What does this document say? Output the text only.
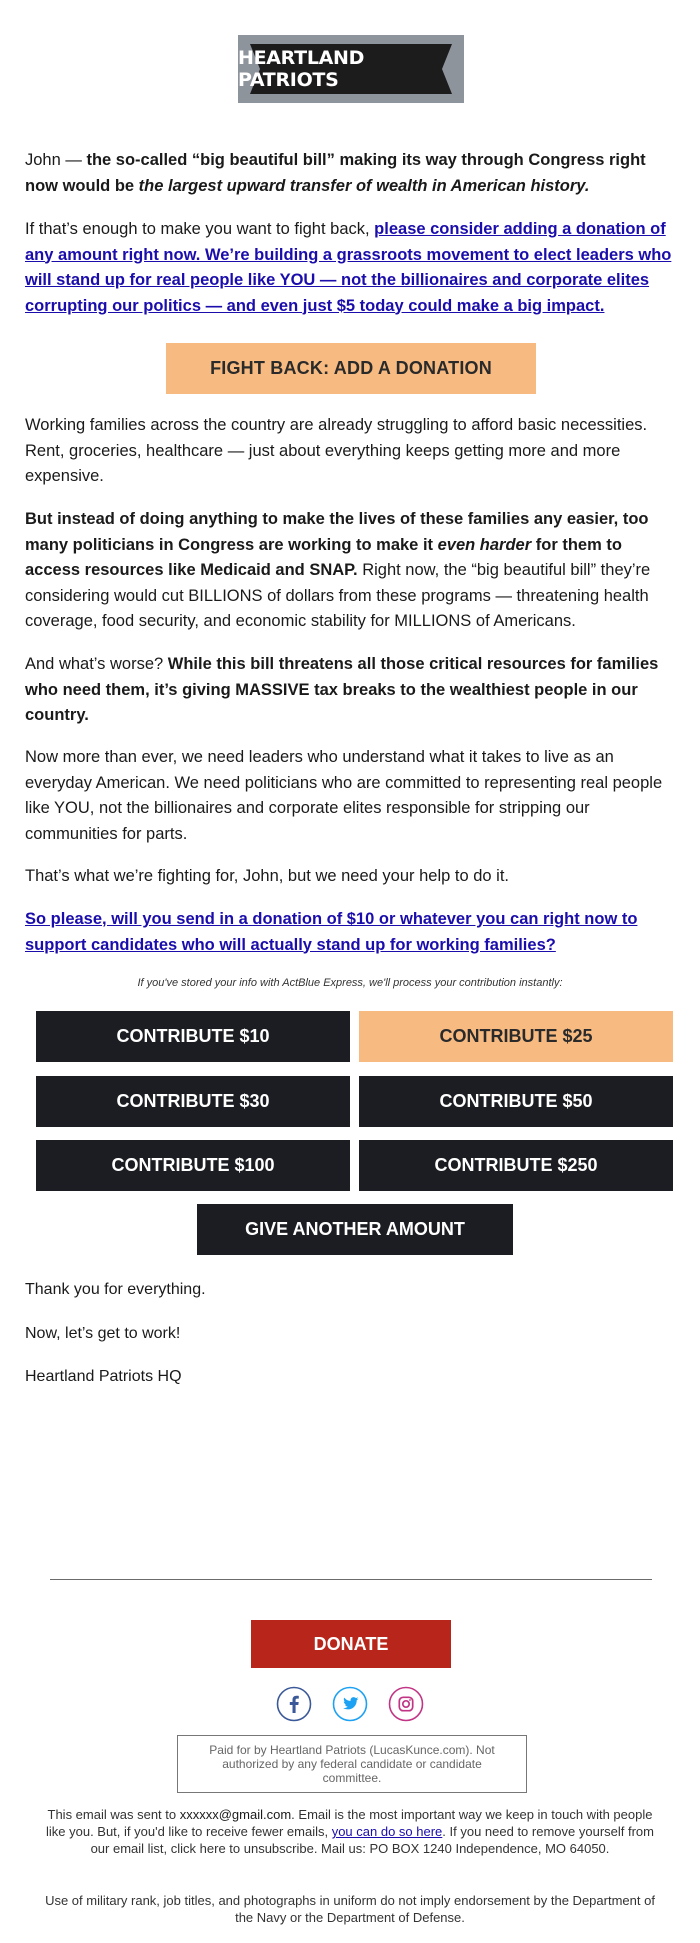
HEARTLAND PATRIOTS

John — the so-called “big beautiful bill” making its way through Congress right now would be the largest upward transfer of wealth in American history.

If that’s enough to make you want to fight back, please consider adding a donation of any amount right now. We’re building a grassroots movement to elect leaders who will stand up for real people like YOU — not the billionaires and corporate elites corrupting our politics — and even just $5 today could make a big impact.

FIGHT BACK: ADD A DONATION

Working families across the country are already struggling to afford basic necessities. Rent, groceries, healthcare — just about everything keeps getting more and more expensive.

But instead of doing anything to make the lives of these families any easier, too many politicians in Congress are working to make it even harder for them to access resources like Medicaid and SNAP. Right now, the “big beautiful bill” they’re considering would cut BILLIONS of dollars from these programs — threatening health coverage, food security, and economic stability for MILLIONS of Americans.

And what’s worse? While this bill threatens all those critical resources for families who need them, it’s giving MASSIVE tax breaks to the wealthiest people in our country.

Now more than ever, we need leaders who understand what it takes to live as an everyday American. We need politicians who are committed to representing real people like YOU, not the billionaires and corporate elites responsible for stripping our communities for parts.

That’s what we’re fighting for, John, but we need your help to do it.

So please, will you send in a donation of $10 or whatever you can right now to support candidates who will actually stand up for working families?

If you've stored your info with ActBlue Express, we'll process your contribution instantly:
CONTRIBUTE $10	CONTRIBUTE $25
CONTRIBUTE $30	CONTRIBUTE $50
CONTRIBUTE $100	CONTRIBUTE $250
GIVE ANOTHER AMOUNT
Thank you for everything.
Now, let’s get to work!
Heartland Patriots HQ
DONATE
Paid for by Heartland Patriots (LucasKunce.com). Not authorized by any federal candidate or candidate committee.
This email was sent to xxxxxx@gmail.com. Email is the most important way we keep in touch with people like you. But, if you'd like to receive fewer emails, you can do so here. If you need to remove yourself from our email list, click here to unsubscribe. Mail us: PO BOX 1240 Independence, MO 64050.
Use of military rank, job titles, and photographs in uniform do not imply endorsement by the Department of the Navy or the Department of Defense.
